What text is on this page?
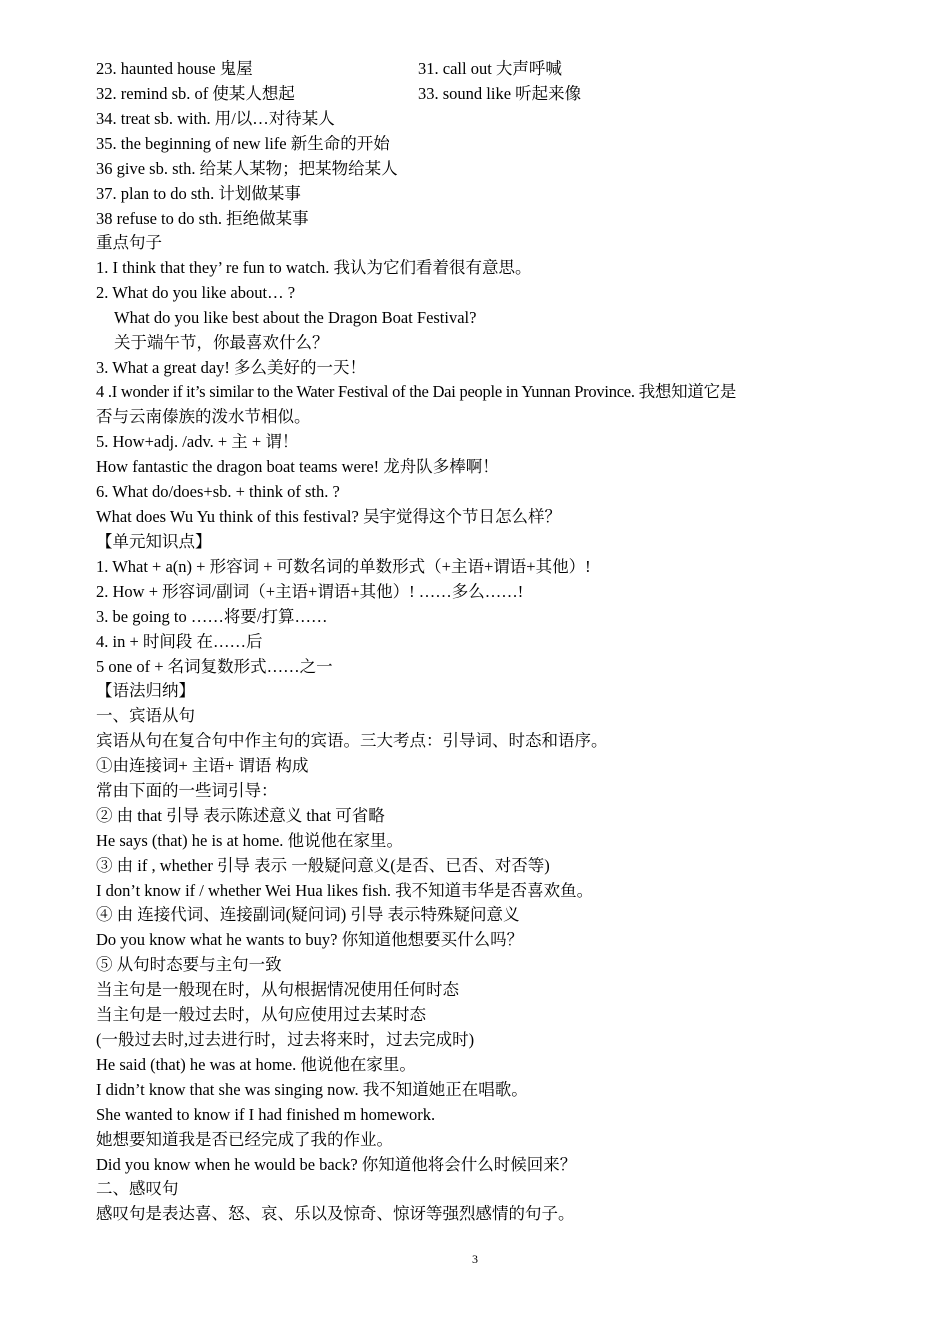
23. haunted house 鬼屋	31. call out 大声呼喊
32. remind sb. of 使某人想起	33. sound like 听起来像
34. treat sb. with. 用/以…对待某人
35. the beginning of new life 新生命的开始
36 give sb. sth. 给某人某物；把某物给某人
37. plan to do sth. 计划做某事
38 refuse to do sth. 拒绝做某事
重点句子
1. I think that they’ re fun to watch. 我认为它们看着很有意思。
2. What do you like about… ?
What do you like best about the Dragon Boat Festival?
关于端午节，你最喜欢什么？
3. What a great day! 多么美好的一天！
4 .I wonder if it’s similar to the Water Festival of the Dai people in Yunnan Province. 我想知道它是
否与云南傣族的泼水节相似。
5. How+adj. /adv. + 主 + 谓！
How fantastic the dragon boat teams were! 龙舟队多棒啊！
6. What do/does+sb. + think of sth. ?
What does Wu Yu think of this festival? 吴宇觉得这个节日怎么样？
【单元知识点】
1. What + a(n) + 形容词 + 可数名词的单数形式（+主语+谓语+其他）!
2. How + 形容词/副词（+主语+谓语+其他）! ……多么……!
3. be going to ……将要/打算……
4. in + 时间段 在……后
5 one of + 名词复数形式……之一
【语法归纳】
一、宾语从句
宾语从句在复合句中作主句的宾语。三大考点：引导词、时态和语序。
①由连接词+ 主语+ 谓语 构成
常由下面的一些词引导：
② 由 that 引导 表示陈述意义 that 可省略
He says (that) he is at home. 他说他在家里。
③ 由 if , whether 引导 表示 一般疑问意义(是否、已否、对否等)
I don’t know if / whether Wei Hua likes fish. 我不知道韦华是否喜欢鱼。
④ 由 连接代词、连接副词(疑问词) 引导 表示特殊疑问意义
Do you know what he wants to buy? 你知道他想要买什么吗？
⑤ 从句时态要与主句一致
当主句是一般现在时，从句根据情况使用任何时态
当主句是一般过去时，从句应使用过去某时态
(一般过去时,过去进行时，过去将来时，过去完成时)
He said (that) he was at home. 他说他在家里。
I didn’t know that she was singing now. 我不知道她正在唱歌。
She wanted to know if I had finished m homework.
她想要知道我是否已经完成了我的作业。
Did you know when he would be back? 你知道他将会什么时候回来？
二、感叹句
感叹句是表达喜、怒、哀、乐以及惊奇、惊讶等强烈感情的句子。
3
